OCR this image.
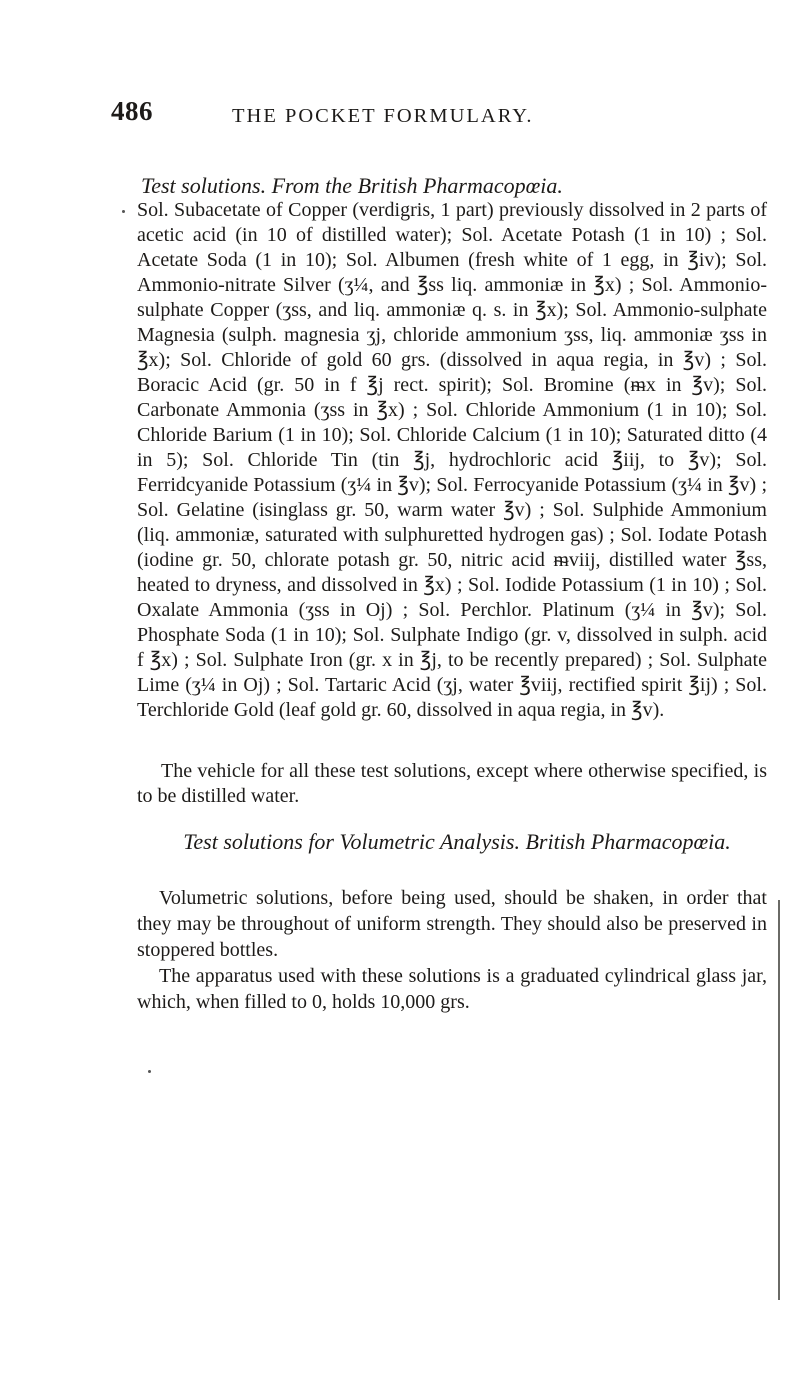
486	THE POCKET FORMULARY.
Test solutions. From the British Pharmacopœia.
Sol. Subacetate of Copper (verdigris, 1 part) previously dissolved in 2 parts of acetic acid (in 10 of distilled water); Sol. Acetate Potash (1 in 10) ; Sol. Acetate Soda (1 in 10); Sol. Albumen (fresh white of 1 egg, in ℥iv); Sol. Ammonio-nitrate Silver (ʒ¼, and ℥ss liq. ammoniæ in ℥x) ; Sol. Ammonio-sulphate Copper (ʒss, and liq. ammoniæ q. s. in ℥x); Sol. Ammonio-sulphate Magnesia (sulph. magnesia ʒj, chloride ammonium ʒss, liq. ammoniæ ʒss in ℥x); Sol. Chloride of gold 60 grs. (dissolved in aqua regia, in ℥v) ; Sol. Boracic Acid (gr. 50 in f ℥j rect. spirit); Sol. Bromine (ᵯx in ℥v); Sol. Carbonate Ammonia (ʒss in ℥x) ; Sol. Chloride Ammonium (1 in 10); Sol. Chloride Barium (1 in 10); Sol. Chloride Calcium (1 in 10); Saturated ditto (4 in 5); Sol. Chloride Tin (tin ℥j, hydrochloric acid ℥iij, to ℥v); Sol. Ferridcyanide Potassium (ʒ¼ in ℥v); Sol. Ferrocyanide Potassium (ʒ¼ in ℥v) ; Sol. Gelatine (isinglass gr. 50, warm water ℥v) ; Sol. Sulphide Ammonium (liq. ammoniæ, saturated with sulphuretted hydrogen gas) ; Sol. Iodate Potash (iodine gr. 50, chlorate potash gr. 50, nitric acid ᵯviij, distilled water ℥ss, heated to dryness, and dissolved in ℥x) ; Sol. Iodide Potassium (1 in 10) ; Sol. Oxalate Ammonia (ʒss in Oj) ; Sol. Perchlor. Platinum (ʒ¼ in ℥v); Sol. Phosphate Soda (1 in 10); Sol. Sulphate Indigo (gr. v, dissolved in sulph. acid f ℥x) ; Sol. Sulphate Iron (gr. x in ℥j, to be recently prepared) ; Sol. Sulphate Lime (ʒ¼ in Oj) ; Sol. Tartaric Acid (ʒj, water ℥viij, rectified spirit ℥ij) ; Sol. Terchloride Gold (leaf gold gr. 60, dissolved in aqua regia, in ℥v).
The vehicle for all these test solutions, except where otherwise specified, is to be distilled water.
Test solutions for Volumetric Analysis. British Pharmacopœia.
Volumetric solutions, before being used, should be shaken, in order that they may be throughout of uniform strength. They should also be preserved in stoppered bottles.
The apparatus used with these solutions is a graduated cylindrical glass jar, which, when filled to 0, holds 10,000 grs.
